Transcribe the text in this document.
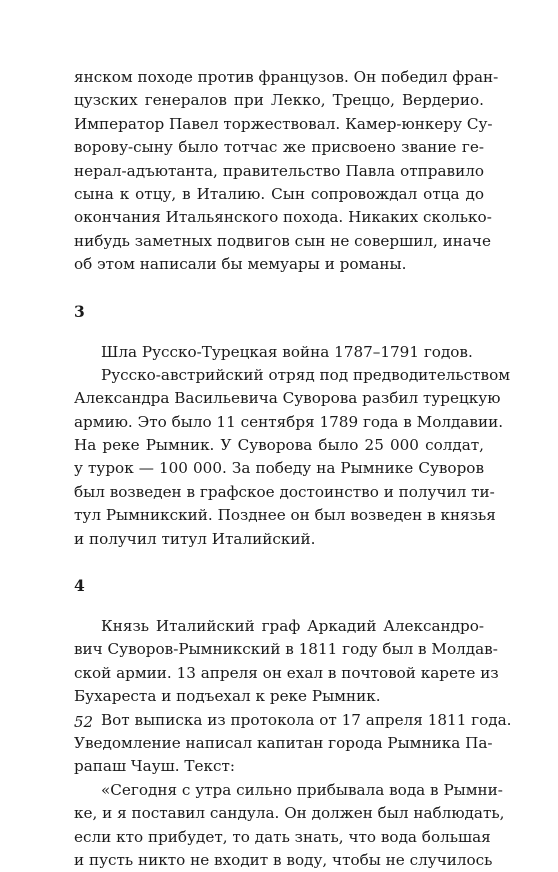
янском походе против французов. Он победил фран-
цузских генералов при Лекко, Треццо, Вердерио.
Император Павел торжествовал. Камер-юнкеру Су-
ворову-сыну было тотчас же присвоено звание ге-
нерал-адъютанта, правительство Павла отправило
сына к отцу, в Италию. Сын сопровождал отца до
окончания Итальянского похода. Никаких сколько-
нибудь заметных подвигов сын не совершил, иначе
об этом написали бы мемуары и романы.
3
Шла Русско-Турецкая война 1787–1791 годов.
Русско-австрийский отряд под предводительством
Александра Васильевича Суворова разбил турецкую
армию. Это было 11 сентября 1789 года в Молдавии.
На реке Рымник. У Суворова было 25 000 солдат,
у турок — 100 000. За победу на Рымнике Суворов
был возведен в графское достоинство и получил ти-
тул Рымникский. Позднее он был возведен в князья
и получил титул Италийский.
4
Князь Италийский граф Аркадий Александро-
вич Суворов-Рымникский в 1811 году был в Молдав-
ской армии. 13 апреля он ехал в почтовой карете из
Бухареста и подъехал к реке Рымник.
Вот выписка из протокола от 17 апреля 1811 года.
Уведомление написал капитан города Рымника Па-
рапаш Чауш. Текст:
«Сегодня с утра сильно прибывала вода в Рымни-
ке, и я поставил сандула. Он должен был наблюдать,
если кто прибудет, то дать знать, что вода большая
и пусть никто не входит в воду, чтобы не случилось
52
